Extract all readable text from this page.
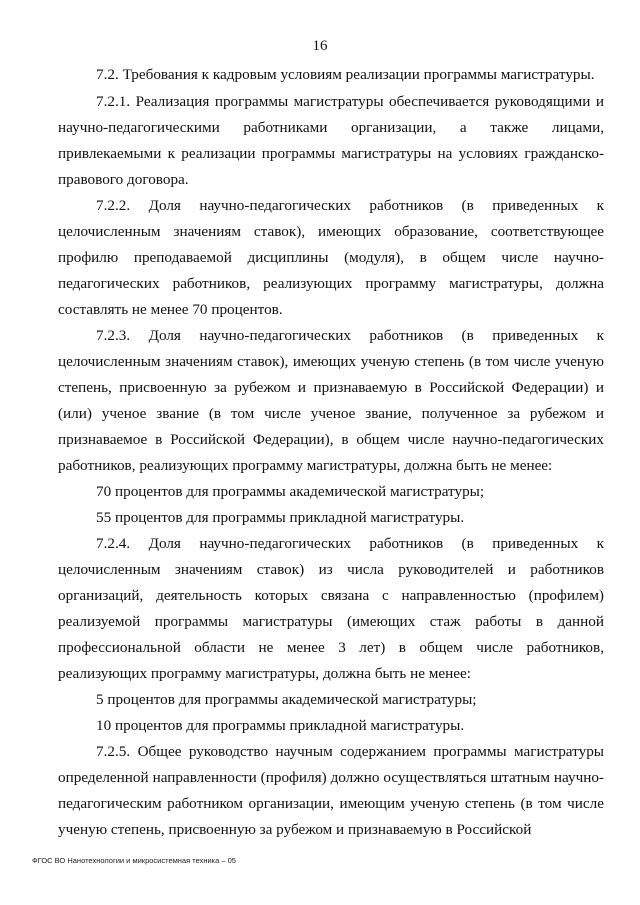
16

7.2. Требования к кадровым условиям реализации программы магистратуры.

7.2.1. Реализация программы магистратуры обеспечивается руководящими и научно-педагогическими работниками организации, а также лицами, привлекаемыми к реализации программы магистратуры на условиях гражданско-правового договора.

7.2.2. Доля научно-педагогических работников (в приведенных к целочисленным значениям ставок), имеющих образование, соответствующее профилю преподаваемой дисциплины (модуля), в общем числе научно-педагогических работников, реализующих программу магистратуры, должна составлять не менее 70 процентов.

7.2.3. Доля научно-педагогических работников (в приведенных к целочисленным значениям ставок), имеющих ученую степень (в том числе ученую степень, присвоенную за рубежом и признаваемую в Российской Федерации) и (или) ученое звание (в том числе ученое звание, полученное за рубежом и признаваемое в Российской Федерации), в общем числе научно-педагогических работников, реализующих программу магистратуры, должна быть не менее:

70 процентов для программы академической магистратуры;

55 процентов для программы прикладной магистратуры.

7.2.4. Доля научно-педагогических работников (в приведенных к целочисленным значениям ставок) из числа руководителей и работников организаций, деятельность которых связана с направленностью (профилем) реализуемой программы магистратуры (имеющих стаж работы в данной профессиональной области не менее 3 лет) в общем числе работников, реализующих программу магистратуры, должна быть не менее:

5 процентов для программы академической магистратуры;

10 процентов для программы прикладной магистратуры.

7.2.5. Общее руководство научным содержанием программы магистратуры определенной направленности (профиля) должно осуществляться штатным научно-педагогическим работником организации, имеющим ученую степень (в том числе ученую степень, присвоенную за рубежом и признаваемую в Российской

ФГОС ВО Нанотехнологии и микросистемная техника – 05
